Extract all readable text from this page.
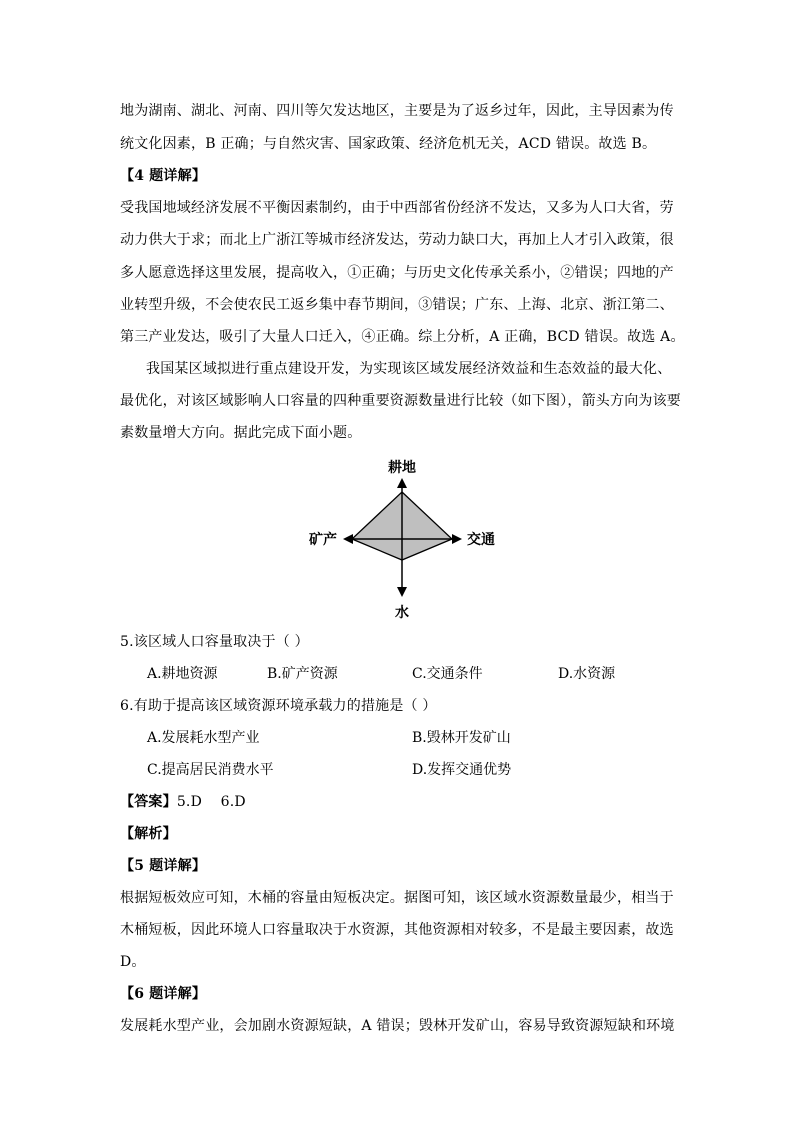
地为湖南、湖北、河南、四川等欠发达地区，主要是为了返乡过年，因此，主导因素为传
统文化因素，B 正确；与自然灾害、国家政策、经济危机无关，ACD 错误。故选 B。
【4 题详解】
受我国地域经济发展不平衡因素制约，由于中西部省份经济不发达，又多为人口大省，劳
动力供大于求；而北上广浙江等城市经济发达，劳动力缺口大，再加上人才引入政策，很
多人愿意选择这里发展，提高收入，①正确；与历史文化传承关系小，②错误；四地的产
业转型升级，不会使农民工返乡集中春节期间，③错误；广东、上海、北京、浙江第二、
第三产业发达，吸引了大量人口迁入，④正确。综上分析，A 正确，BCD 错误。故选 A。
我国某区域拟进行重点建设开发，为实现该区域发展经济效益和生态效益的最大化、
最优化，对该区域影响人口容量的四种重要资源数量进行比较（如下图），箭头方向为该要
素数量增大方向。据此完成下面小题。
耕地
矿产	交通
水
5.该区域人口容量取决于（ ）
A.耕地资源	B.矿产资源	C.交通条件	D.水资源
6.有助于提高该区域资源环境承载力的措施是（ ）
A.发展耗水型产业	B.毁林开发矿山
C.提高居民消费水平	D.发挥交通优势
【答案】5.D    6.D
【解析】
【5 题详解】
根据短板效应可知，木桶的容量由短板决定。据图可知，该区域水资源数量最少，相当于
木桶短板，因此环境人口容量取决于水资源，其他资源相对较多，不是最主要因素，故选
D。
【6 题详解】
发展耗水型产业，会加剧水资源短缺，A 错误；毁林开发矿山，容易导致资源短缺和环境
